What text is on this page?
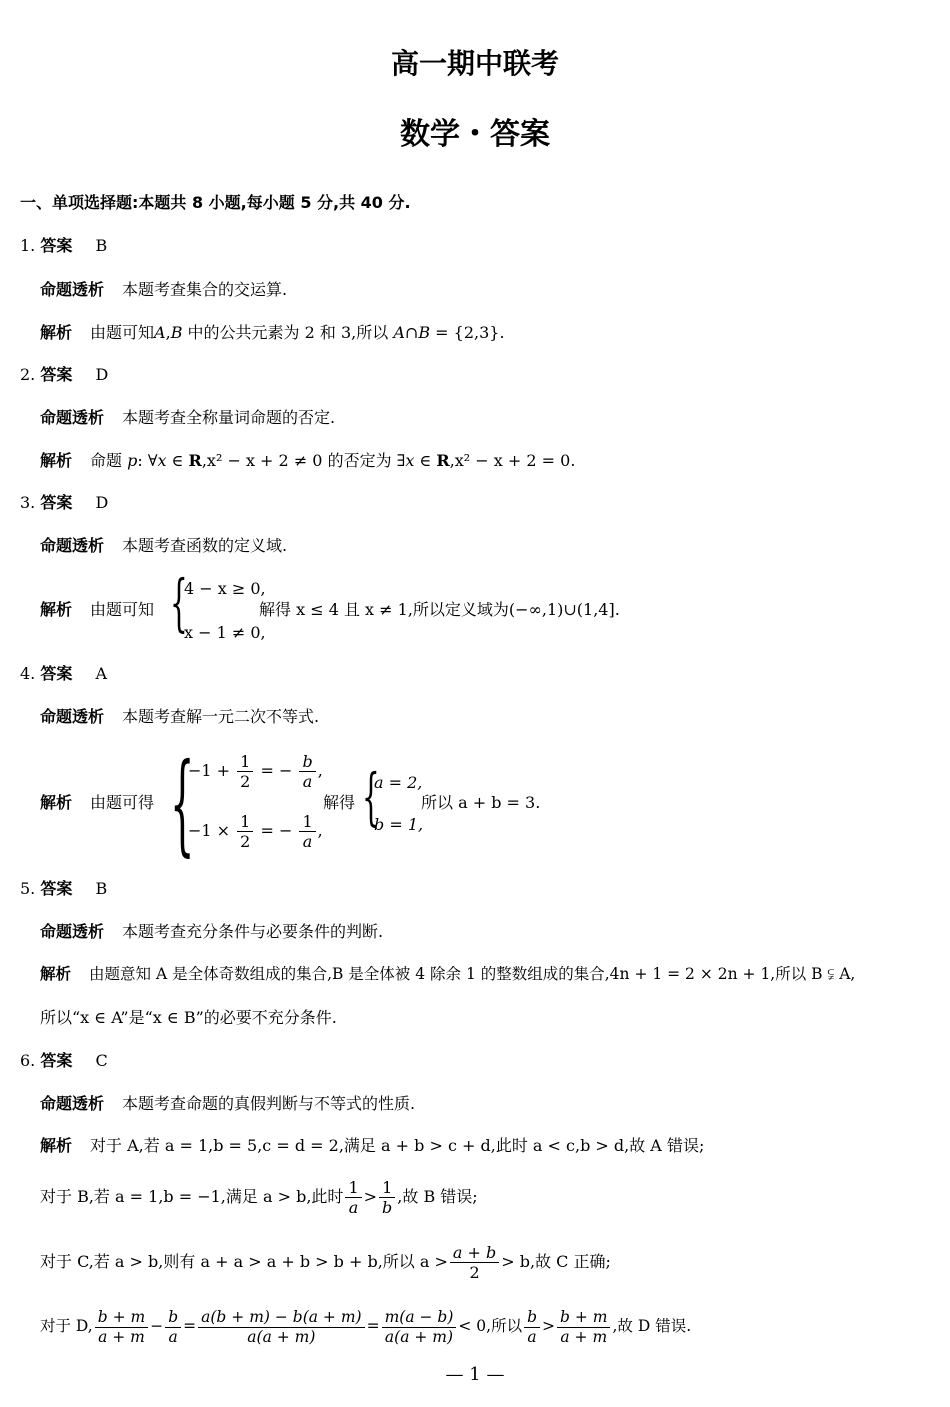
高一期中联考
数学・答案
一、单项选择题:本题共 8 小题,每小题 5 分,共 40 分.
1. 答案 B
命题透析 本题考查集合的交运算.
解析 由题可知A,B 中的公共元素为 2 和 3,所以 A∩B = {2,3}.
2. 答案 D
命题透析 本题考查全称量词命题的否定.
解析 命题 p: ∀x ∈ R,x² − x + 2 ≠ 0 的否定为 ∃x ∈ R,x² − x + 2 = 0.
3. 答案 D
命题透析 本题考查函数的定义域.
解析 由题可知 {
4 − x ≥ 0,
x − 1 ≠ 0,
解得 x ≤ 4 且 x ≠ 1,所以定义域为(−∞,1)∪(1,4].
4. 答案 A
命题透析 本题考查解一元二次不等式.
解析 由题可得 {
$-1 + \frac{1}{2}$ = − $\frac{b}{a}$ ,
$-1 \times \frac{1}{2}$ = − $\frac{1}{a}$ ,
解得 {
a = 2,
b = 1,
所以 a + b = 3.
5. 答案 B
命题透析 本题考查充分条件与必要条件的判断.
解析 由题意知 A 是全体奇数组成的集合,B 是全体被 4 除余 1 的整数组成的集合,4n + 1 = 2 × 2n + 1,所以 B ⫋ A,
所以“x ∈ A”是“x ∈ B”的必要不充分条件.
6. 答案 C
命题透析 本题考查命题的真假判断与不等式的性质.
解析 对于 A,若 a = 1,b = 5,c = d = 2,满足 a + b > c + d,此时 a < c,b > d,故 A 错误;
对于 B,若 a = 1,b = −1,满足 a > b,此时 $\frac{1}{a} > \frac{1}{b}$ ,故 B 错误;
对于 C,若 a > b,则有 a + a > a + b > b + b,所以 $a > \frac{a + b}{2} > b$,故 C 正确;
对于 D, $\frac{b + m}{a + m} - \frac{b}{a} = \frac{a(b + m) - b(a + m)}{a(a + m)} = \frac{m(a - b)}{a(a + m)} < 0$,所以 $\frac{b}{a} > \frac{b + m}{a + m}$ ,故 D 错误.
— 1 —
